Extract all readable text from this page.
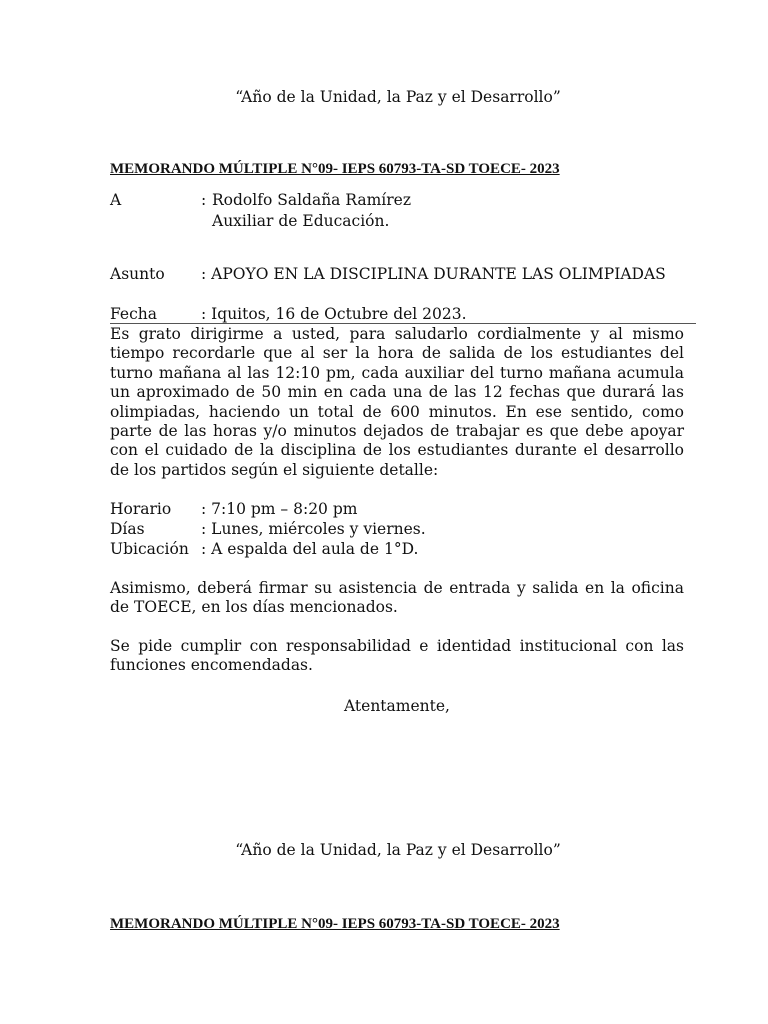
“Año de la Unidad, la Paz y el Desarrollo”
MEMORANDO MÚLTIPLE N°09- IEPS 60793-TA-SD TOECE- 2023
A	: Rodolfo Saldaña Ramírez
Auxiliar de Educación.
Asunto : APOYO EN LA DISCIPLINA DURANTE LAS OLIMPIADAS
Fecha	: Iquitos, 16 de Octubre del 2023.
Es grato dirigirme a usted, para saludarlo cordialmente y al mismo tiempo recordarle que al ser la hora de salida de los estudiantes del turno mañana al las 12:10 pm, cada auxiliar del turno mañana acumula un aproximado de 50 min en cada una de las 12 fechas que durará las olimpiadas, haciendo un total de 600 minutos. En ese sentido, como parte de las horas y/o minutos dejados de trabajar es que debe apoyar con el cuidado de la disciplina de los estudiantes durante el desarrollo de los partidos según el siguiente detalle:
Horario : 7:10 pm – 8:20 pm
Días	: Lunes, miércoles y viernes.
Ubicación : A espalda del aula de 1°D.
Asimismo, deberá firmar su asistencia de entrada y salida en la oficina de TOECE, en los días mencionados.
Se pide cumplir con responsabilidad e identidad institucional con las funciones encomendadas.
Atentamente,
“Año de la Unidad, la Paz y el Desarrollo”
MEMORANDO MÚLTIPLE N°09- IEPS 60793-TA-SD TOECE- 2023
